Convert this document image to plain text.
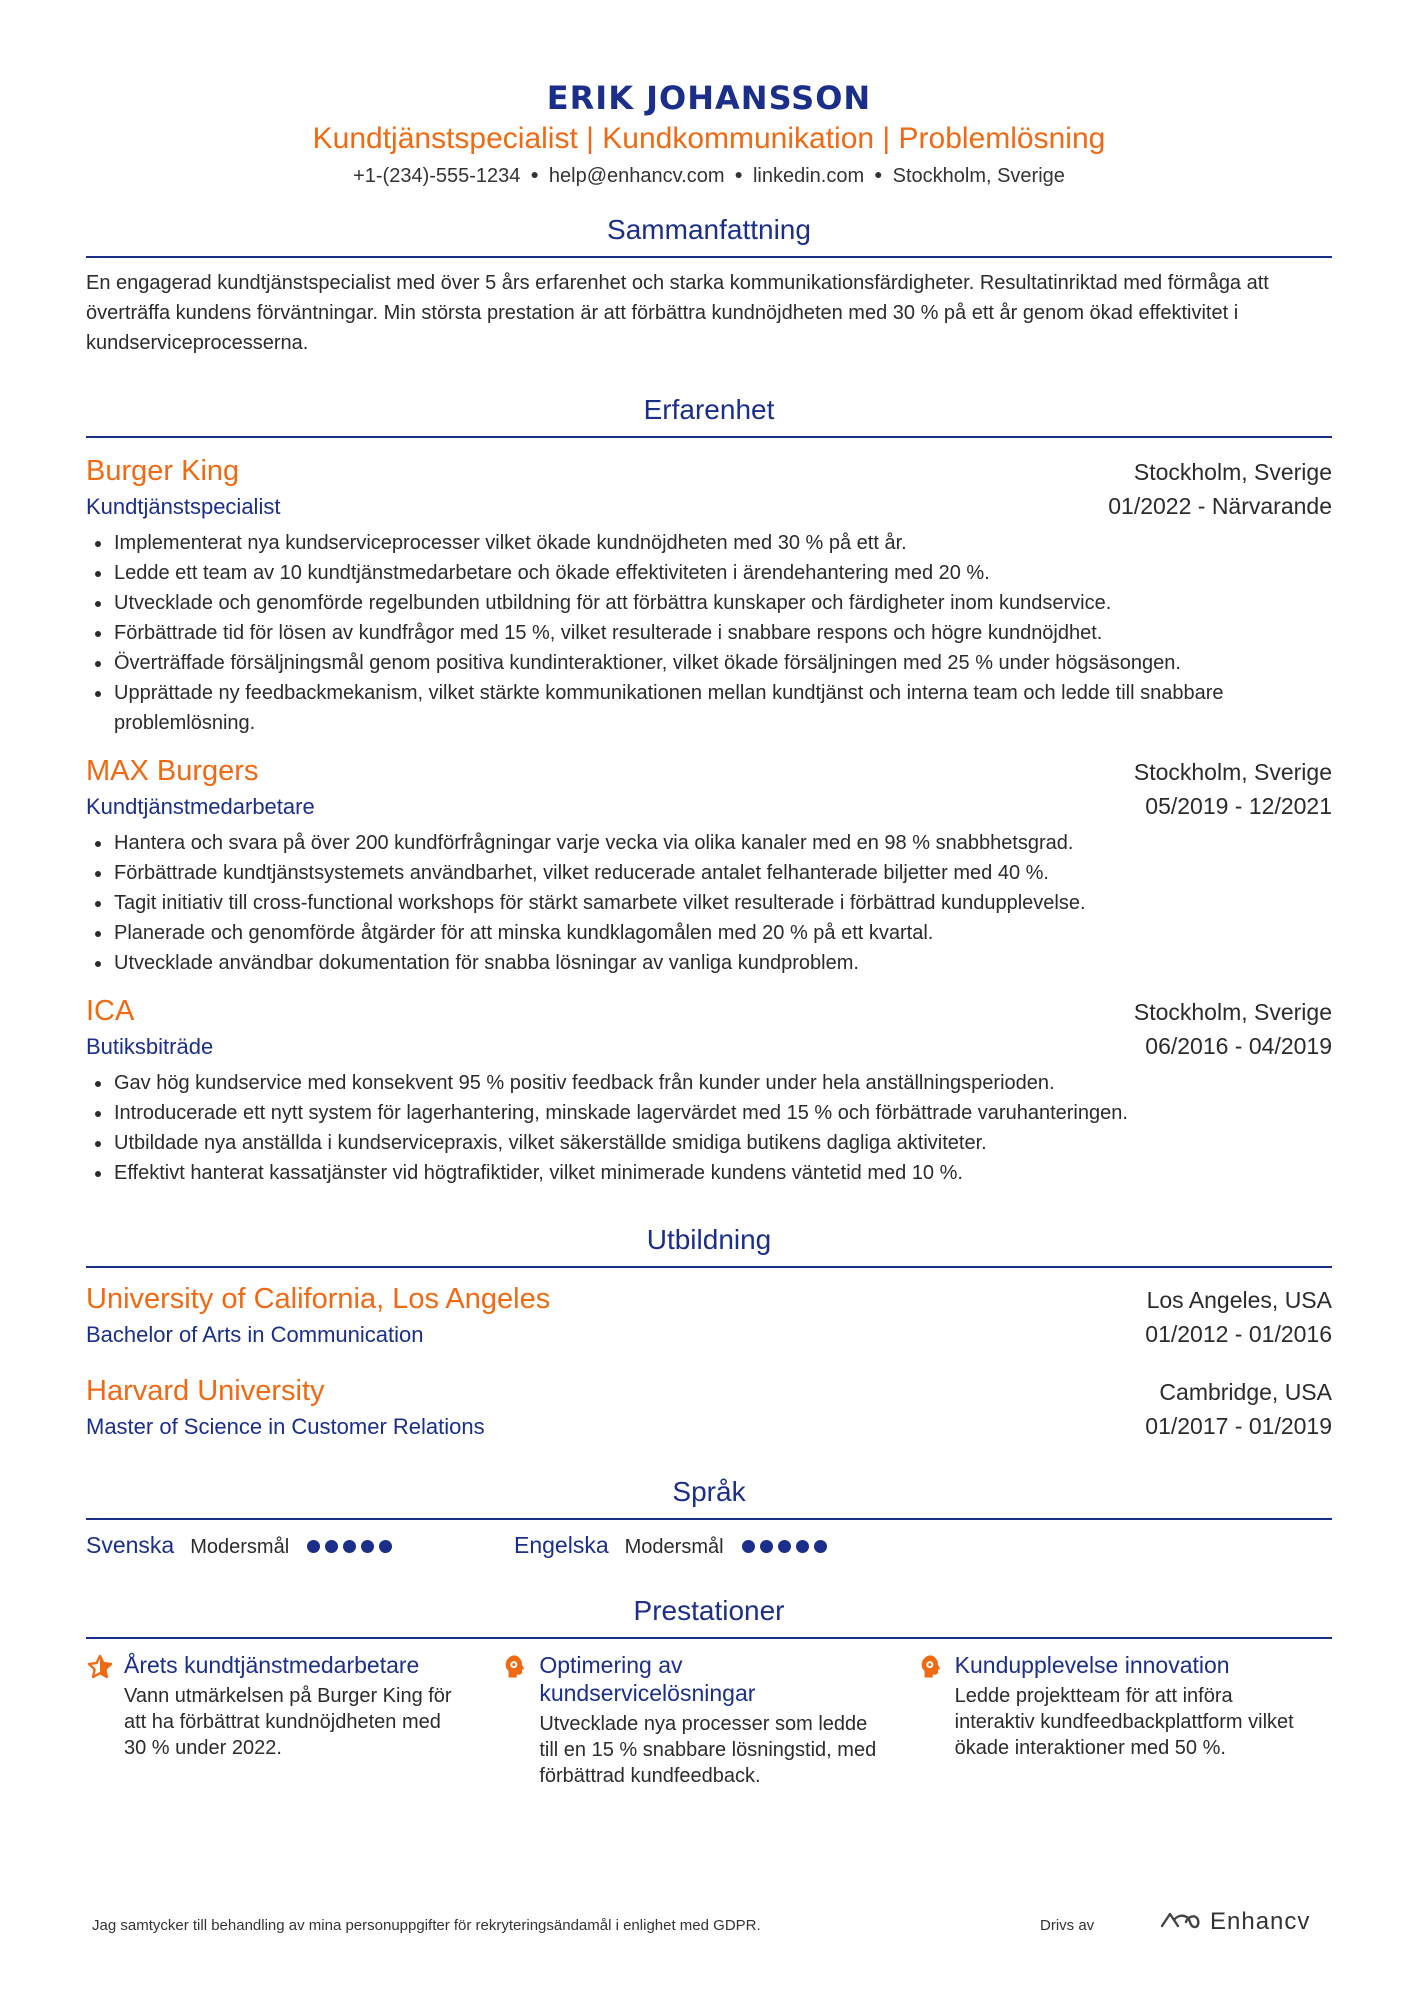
ERIK JOHANSSON
Kundtjänstspecialist | Kundkommunikation | Problemlösning
+1-(234)-555-1234 ● help@enhancv.com ● linkedin.com ● Stockholm, Sverige
Sammanfattning
En engagerad kundtjänstspecialist med över 5 års erfarenhet och starka kommunikationsfärdigheter. Resultatinriktad med förmåga att överträffa kundens förväntningar. Min största prestation är att förbättra kundnöjdheten med 30 % på ett år genom ökad effektivitet i kundserviceprocesserna.
Erfarenhet
Burger King	Stockholm, Sverige
Kundtjänstspecialist	01/2022 - Närvarande
Implementerat nya kundserviceprocesser vilket ökade kundnöjdheten med 30 % på ett år.
Ledde ett team av 10 kundtjänstmedarbetare och ökade effektiviteten i ärendehantering med 20 %.
Utvecklade och genomförde regelbunden utbildning för att förbättra kunskaper och färdigheter inom kundservice.
Förbättrade tid för lösen av kundfrågor med 15 %, vilket resulterade i snabbare respons och högre kundnöjdhet.
Överträffade försäljningsmål genom positiva kundinteraktioner, vilket ökade försäljningen med 25 % under högsäsongen.
Upprättade ny feedbackmekanism, vilket stärkte kommunikationen mellan kundtjänst och interna team och ledde till snabbare problemlösning.
MAX Burgers	Stockholm, Sverige
Kundtjänstmedarbetare	05/2019 - 12/2021
Hantera och svara på över 200 kundförfrågningar varje vecka via olika kanaler med en 98 % snabbhetsgrad.
Förbättrade kundtjänstsystemets användbarhet, vilket reducerade antalet felhanterade biljetter med 40 %.
Tagit initiativ till cross-functional workshops för stärkt samarbete vilket resulterade i förbättrad kundupplevelse.
Planerade och genomförde åtgärder för att minska kundklagomålen med 20 % på ett kvartal.
Utvecklade användbar dokumentation för snabba lösningar av vanliga kundproblem.
ICA	Stockholm, Sverige
Butiksbiträde	06/2016 - 04/2019
Gav hög kundservice med konsekvent 95 % positiv feedback från kunder under hela anställningsperioden.
Introducerade ett nytt system för lagerhantering, minskade lagervärdet med 15 % och förbättrade varuhanteringen.
Utbildade nya anställda i kundservicepraxis, vilket säkerställde smidiga butikens dagliga aktiviteter.
Effektivt hanterat kassatjänster vid högtrafiktider, vilket minimerade kundens väntetid med 10 %.
Utbildning
University of California, Los Angeles	Los Angeles, USA
Bachelor of Arts in Communication	01/2012 - 01/2016
Harvard University	Cambridge, USA
Master of Science in Customer Relations	01/2017 - 01/2019
Språk
Svenska Modersmål	Engelska Modersmål
Prestationer
Årets kundtjänstmedarbetare
Vann utmärkelsen på Burger King för att ha förbättrat kundnöjdheten med 30 % under 2022.
Optimering av kundservicelösningar
Utvecklade nya processer som ledde till en 15 % snabbare lösningstid, med förbättrad kundfeedback.
Kundupplevelse innovation
Ledde projektteam för att införa interaktiv kundfeedbackplattform vilket ökade interaktioner med 50 %.
Jag samtycker till behandling av mina personuppgifter för rekryteringsändamål i enlighet med GDPR.	Drivs av	Enhancv
